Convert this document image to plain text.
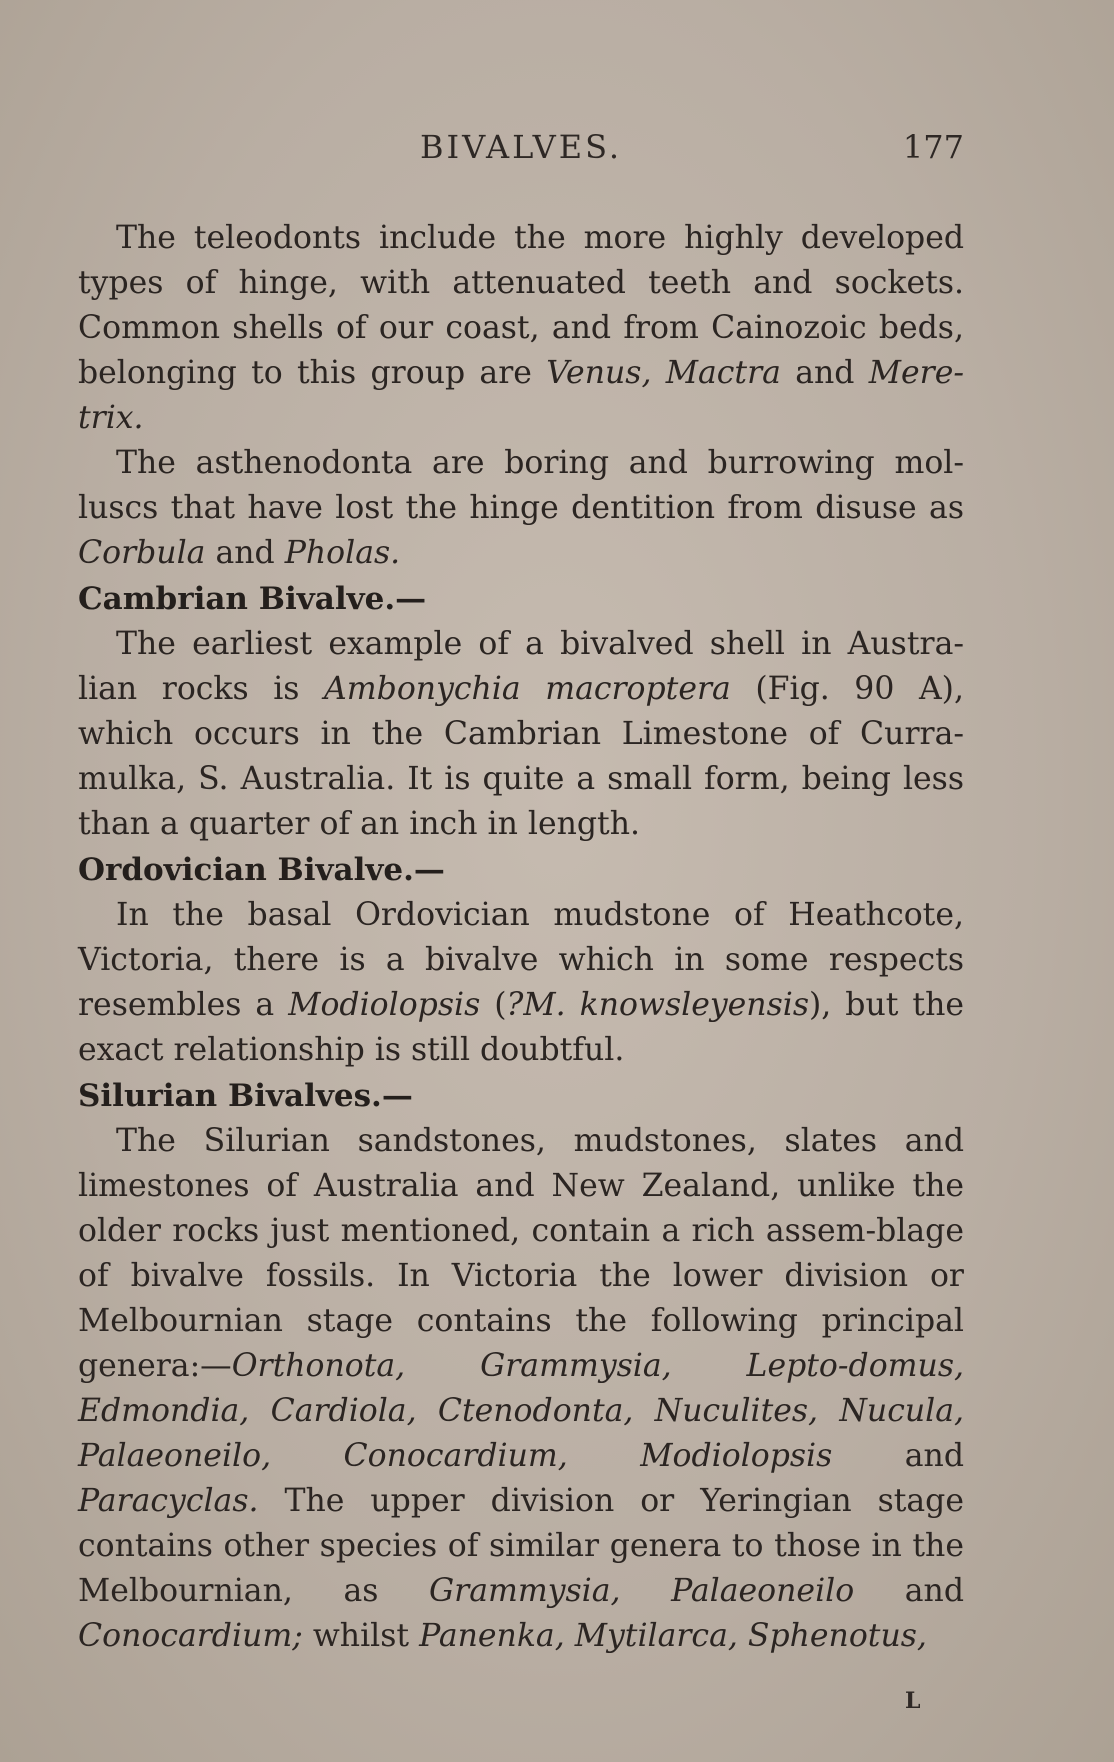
BIVALVES.	177

The teleodonts include the more highly developed types of hinge, with attenuated teeth and sockets. Common shells of our coast, and from Cainozoic beds, belonging to this group are Venus, Mactra and Mere-trix.

The asthenodonta are boring and burrowing mol-luscs that have lost the hinge dentition from disuse as Corbula and Pholas.

Cambrian Bivalve.—

The earliest example of a bivalved shell in Austra-lian rocks is Ambonychia macroptera (Fig. 90 A), which occurs in the Cambrian Limestone of Curra-mulka, S. Australia. It is quite a small form, being less than a quarter of an inch in length.

Ordovician Bivalve.—

In the basal Ordovician mudstone of Heathcote, Victoria, there is a bivalve which in some respects resembles a Modiolopsis (?M. knowsleyensis), but the exact relationship is still doubtful.

Silurian Bivalves.—

The Silurian sandstones, mudstones, slates and limestones of Australia and New Zealand, unlike the older rocks just mentioned, contain a rich assem-blage of bivalve fossils. In Victoria the lower division or Melbournian stage contains the following principal genera:—Orthonota, Grammysia, Lepto-domus, Edmondia, Cardiola, Ctenodonta, Nuculites, Nucula, Palaeoneilo, Conocardium, Modiolopsis and Paracyclas. The upper division or Yeringian stage contains other species of similar genera to those in the Melbournian, as Grammysia, Palaeoneilo and Conocardium; whilst Panenka, Mytilarca, Sphenotus,

L
